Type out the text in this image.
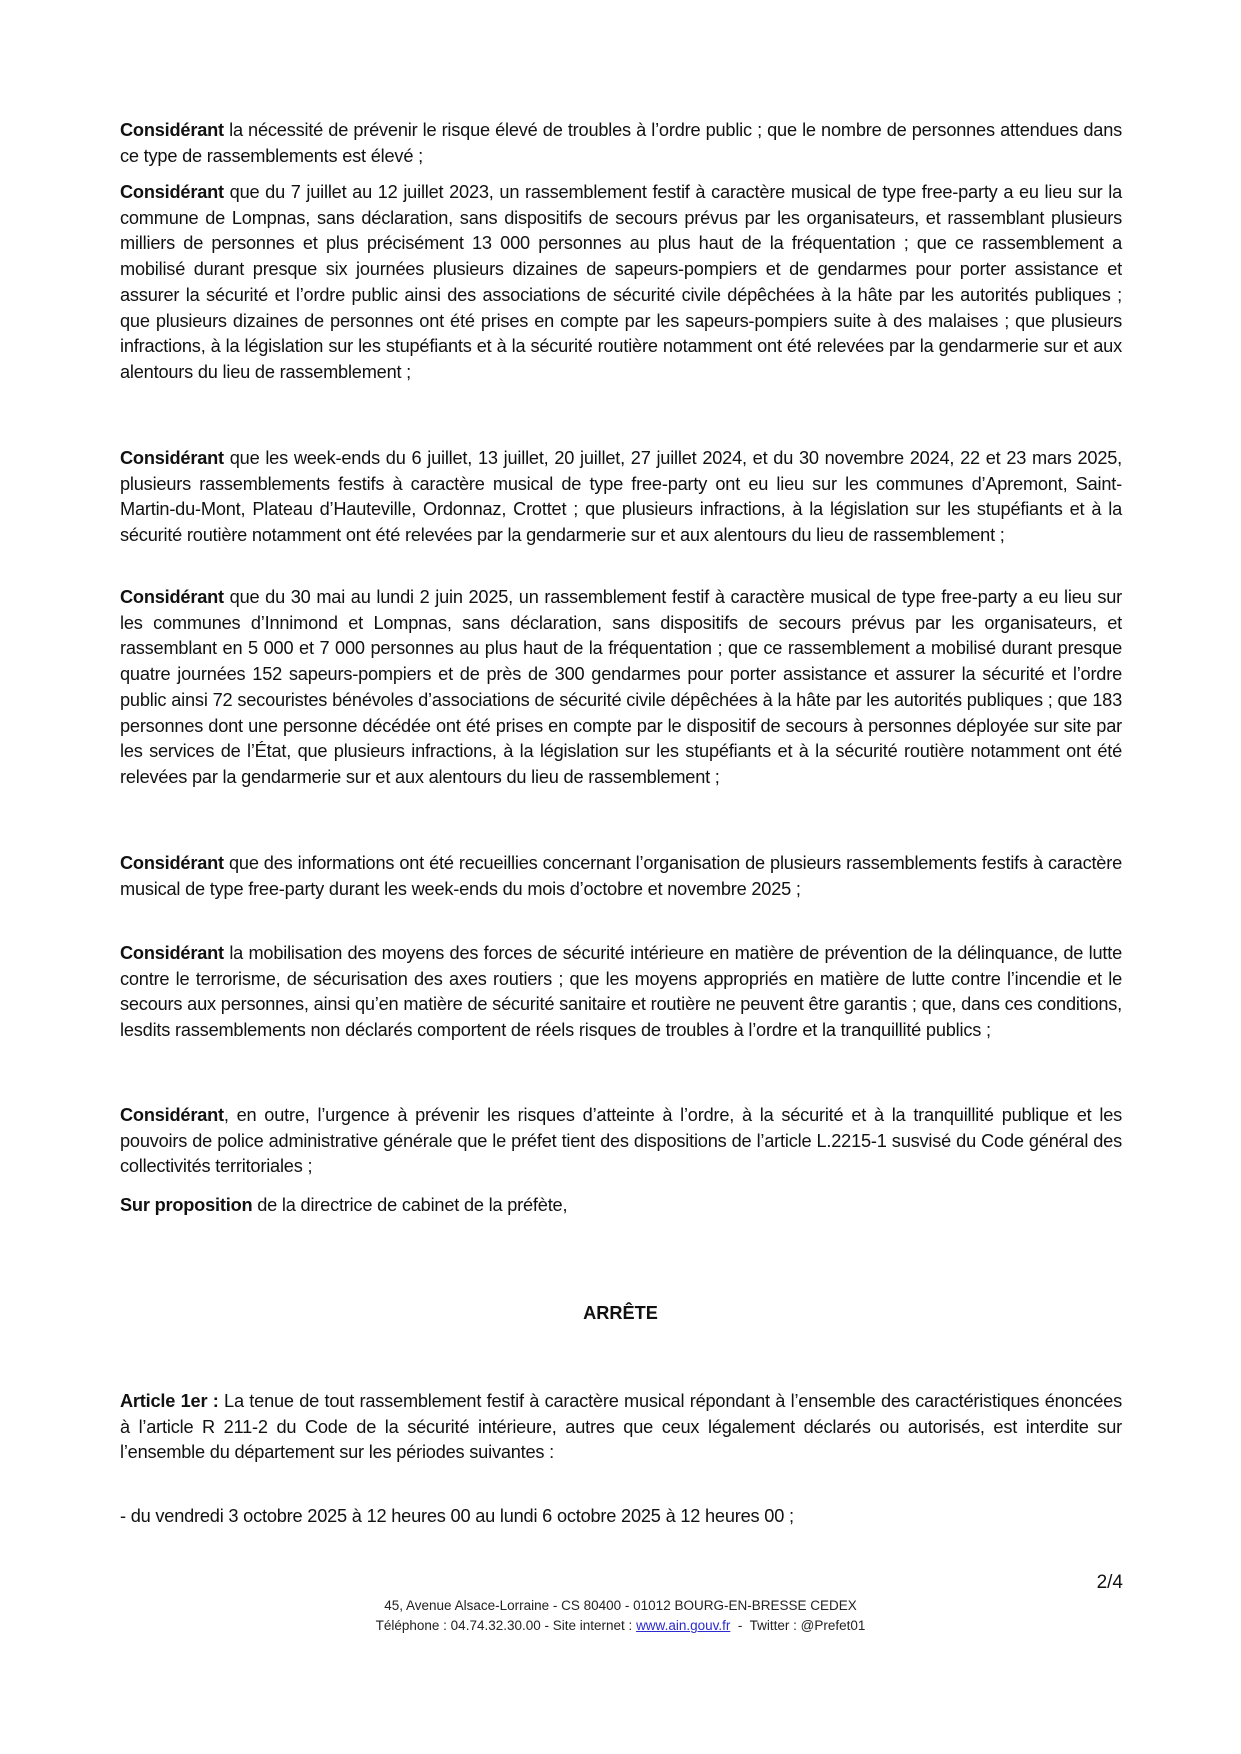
Considérant la nécessité de prévenir le risque élevé de troubles à l’ordre public ; que le nombre de personnes attendues dans ce type de rassemblements est élevé ;
Considérant que du 7 juillet au 12 juillet 2023, un rassemblement festif à caractère musical de type free-party a eu lieu sur la commune de Lompnas, sans déclaration, sans dispositifs de secours prévus par les organisateurs, et rassemblant plusieurs milliers de personnes et plus précisément 13 000 personnes au plus haut de la fréquentation ; que ce rassemblement a mobilisé durant presque six journées plusieurs dizaines de sapeurs-pompiers et de gendarmes pour porter assistance et assurer la sécurité et l’ordre public ainsi des associations de sécurité civile dépêchées à la hâte par les autorités publiques ; que plusieurs dizaines de personnes ont été prises en compte par les sapeurs-pompiers suite à des malaises ; que plusieurs infractions, à la législation sur les stupéfiants et à la sécurité routière notamment ont été relevées par la gendarmerie sur et aux alentours du lieu de rassemblement ;
Considérant que les week-ends du 6 juillet, 13 juillet, 20 juillet, 27 juillet 2024, et du 30 novembre 2024, 22 et 23 mars 2025, plusieurs rassemblements festifs à caractère musical de type free-party ont eu lieu sur les communes d’Apremont, Saint-Martin-du-Mont, Plateau d’Hauteville, Ordonnaz, Crottet ; que plusieurs infractions, à la législation sur les stupéfiants et à la sécurité routière notamment ont été relevées par la gendarmerie sur et aux alentours du lieu de rassemblement ;
Considérant que du 30 mai au lundi 2 juin 2025, un rassemblement festif à caractère musical de type free-party a eu lieu sur les communes d’Innimond et Lompnas, sans déclaration, sans dispositifs de secours prévus par les organisateurs, et rassemblant en 5 000 et 7 000 personnes au plus haut de la fréquentation ; que ce rassemblement a mobilisé durant presque quatre journées 152 sapeurs-pompiers et de près de 300 gendarmes pour porter assistance et assurer la sécurité et l’ordre public ainsi 72 secouristes bénévoles d’associations de sécurité civile dépêchées à la hâte par les autorités publiques ; que 183 personnes dont une personne décédée ont été prises en compte par le dispositif de secours à personnes déployée sur site par les services de l’État, que plusieurs infractions, à la législation sur les stupéfiants et à la sécurité routière notamment ont été relevées par la gendarmerie sur et aux alentours du lieu de rassemblement ;
Considérant que des informations ont été recueillies concernant l’organisation de plusieurs rassemblements festifs à caractère musical de type free-party durant les week-ends du mois d’octobre et novembre 2025 ;
Considérant la mobilisation des moyens des forces de sécurité intérieure en matière de prévention de la délinquance, de lutte contre le terrorisme, de sécurisation des axes routiers ; que les moyens appropriés en matière de lutte contre l’incendie et le secours aux personnes, ainsi qu’en matière de sécurité sanitaire et routière ne peuvent être garantis ; que, dans ces conditions, lesdits rassemblements non déclarés comportent de réels risques de troubles à l’ordre et la tranquillité publics ;
Considérant, en outre, l’urgence à prévenir les risques d’atteinte à l’ordre, à la sécurité et à la tranquillité publique et les pouvoirs de police administrative générale que le préfet tient des dispositions de l’article L.2215-1 susvisé du Code général des collectivités territoriales ;
Sur proposition de la directrice de cabinet de la préfète,
ARRÊTE
Article 1er : La tenue de tout rassemblement festif à caractère musical répondant à l’ensemble des caractéristiques énoncées à l’article R 211-2 du Code de la sécurité intérieure, autres que ceux légalement déclarés ou autorisés, est interdite sur l’ensemble du département sur les périodes suivantes :
- du vendredi 3 octobre 2025 à 12 heures 00 au lundi 6 octobre 2025 à 12 heures 00 ;
2/4
45, Avenue Alsace-Lorraine - CS 80400 - 01012 BOURG-EN-BRESSE CEDEX
Téléphone : 04.74.32.30.00 - Site internet : www.ain.gouv.fr  -  Twitter : @Prefet01
